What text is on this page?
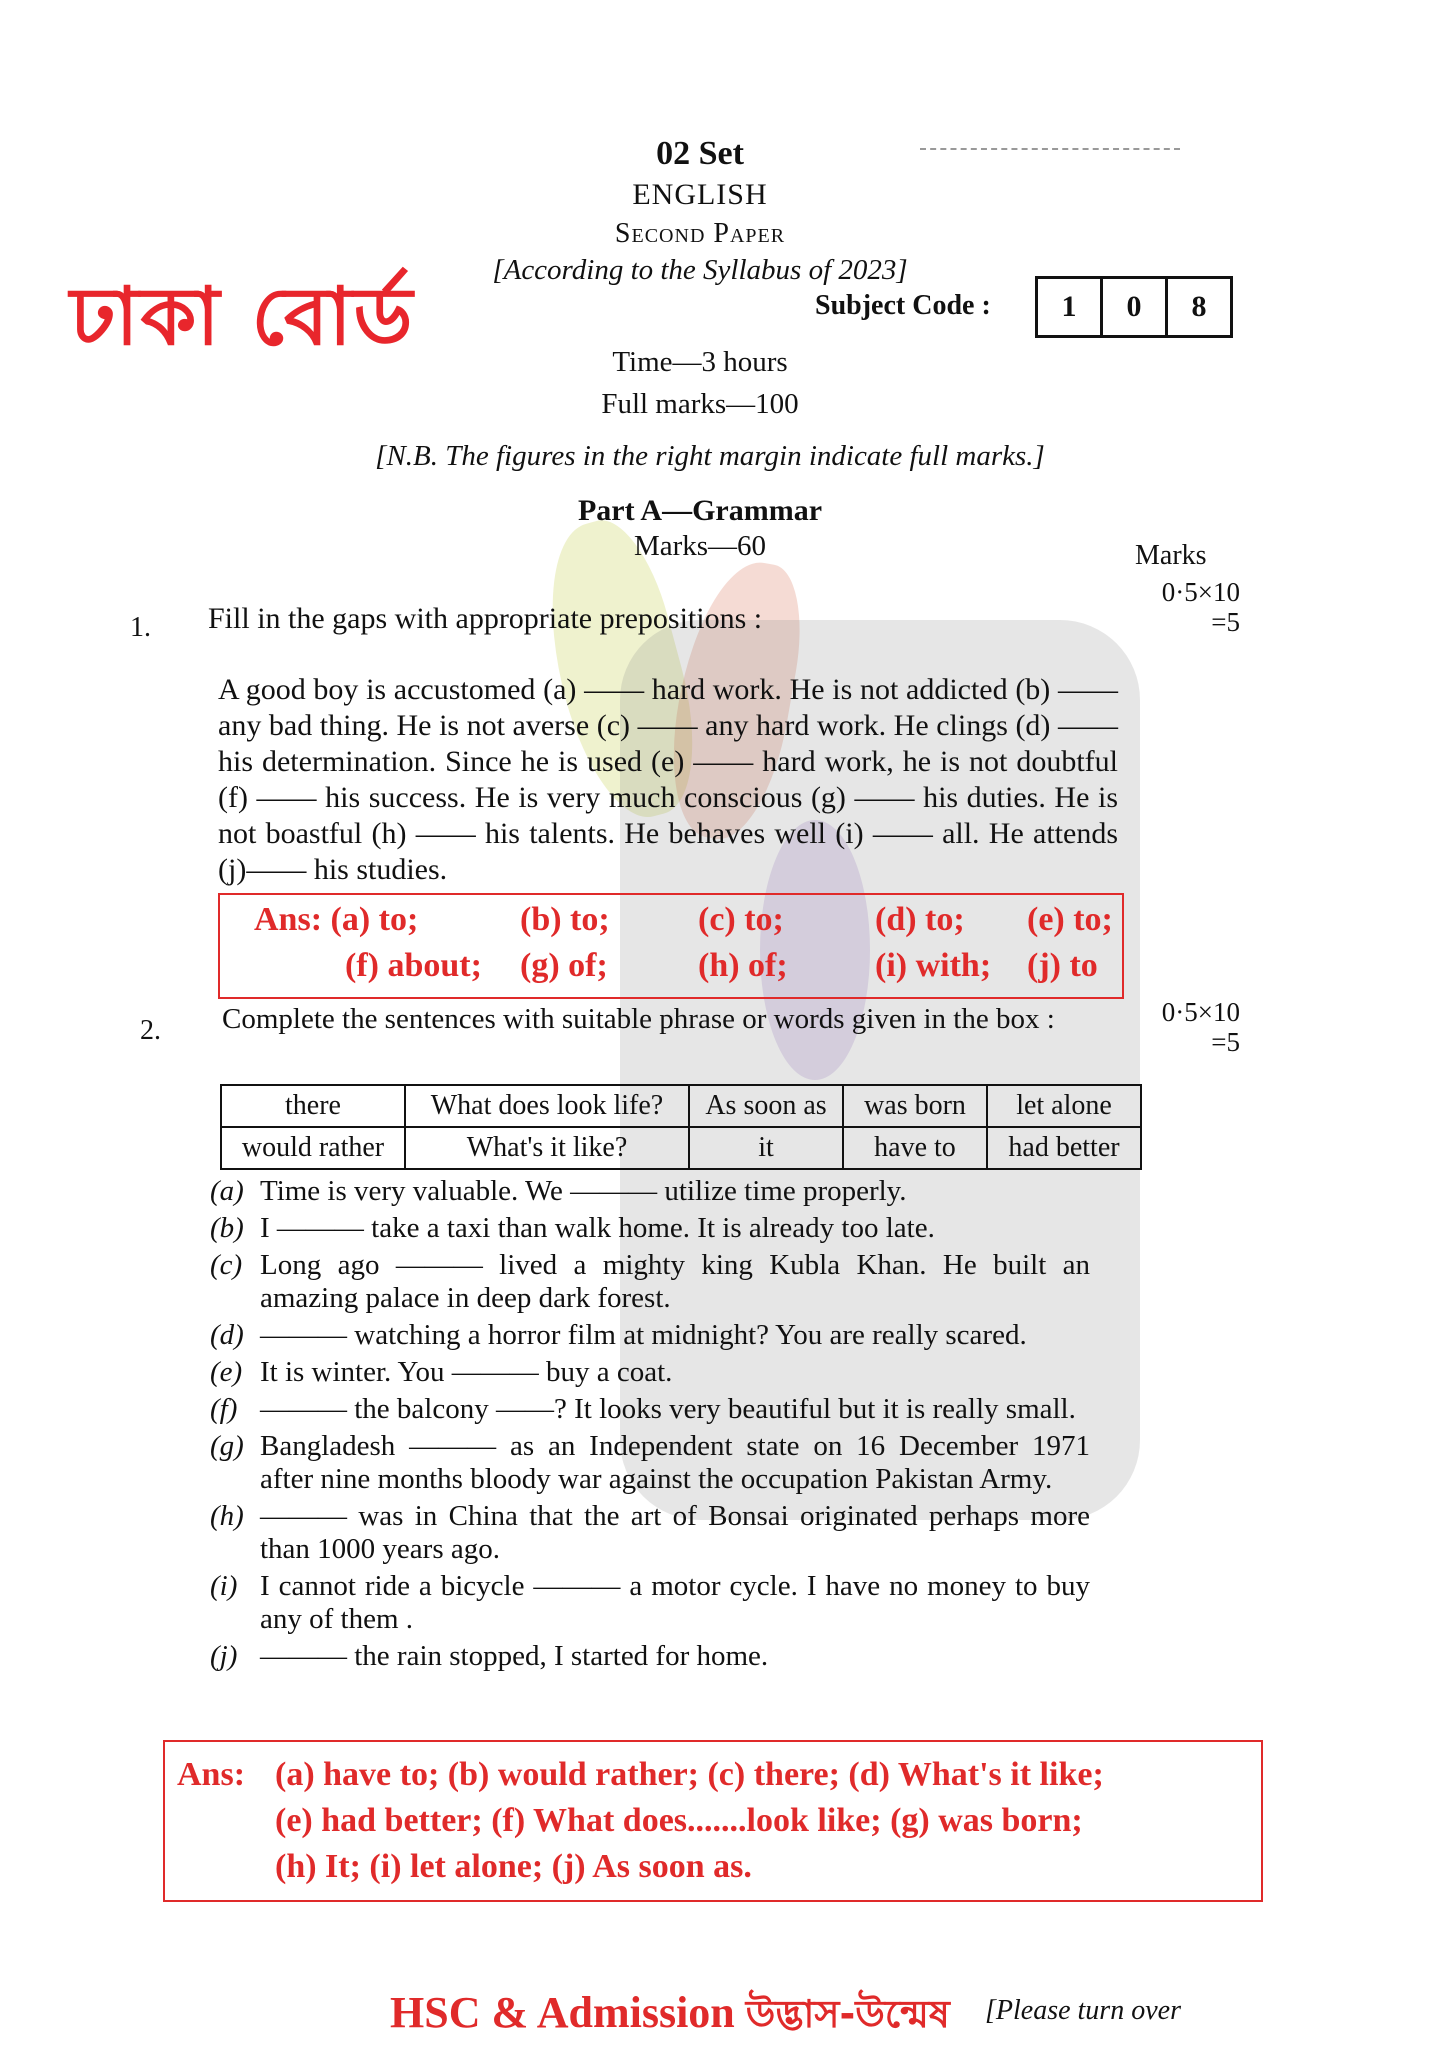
ঢাকা বোর্ড
02 Set
ENGLISH
Second Paper
[According to the Syllabus of 2023]
Subject Code :	1	0	8
Time—3 hours
Full marks—100
[N.B. The figures in the right margin indicate full marks.]
Part A—Grammar
Marks—60	Marks
0·5×10
=5
1. Fill in the gaps with appropriate prepositions :
A good boy is accustomed (a) —— hard work. He is not addicted (b) —— any bad thing. He is not averse (c) —— any hard work. He clings (d) —— his determination. Since he is used (e) —— hard work, he is not doubtful (f) —— his success. He is very much conscious (g) —— his duties. He is not boastful (h) —— his talents. He behaves well (i) —— all. He attends (j)—— his studies.
Ans: (a) to;	(b) to;	(c) to;	(d) to; (e) to;
(f) about; (g) of;	(h) of;	(i) with; (j) to
2. Complete the sentences with suitable phrase or words given in the box :	0·5×10
=5
there	What does look life?	As soon as	was born	let alone
would rather	What's it like?	it	have to	had better
(a) Time is very valuable. We ——— utilize time properly.
(b) I ——— take a taxi than walk home. It is already too late.
(c) Long ago ——— lived a mighty king Kubla Khan. He built an amazing palace in deep dark forest.
(d) ——— watching a horror film at midnight? You are really scared.
(e) It is winter. You ——— buy a coat.
(f) ——— the balcony ——? It looks very beautiful but it is really small.
(g) Bangladesh ——— as an Independent state on 16 December 1971 after nine months bloody war against the occupation Pakistan Army.
(h) ——— was in China that the art of Bonsai originated perhaps more than 1000 years ago.
(i) I cannot ride a bicycle ——— a motor cycle. I have no money to buy any of them .
(j) ——— the rain stopped, I started for home.
Ans: (a) have to; (b) would rather; (c) there; (d) What's it like;
(e) had better; (f) What does.......look like; (g) was born;
(h) It; (i) let alone; (j) As soon as.
HSC & Admission উদ্ভাস-উন্মেষ [Please turn over
